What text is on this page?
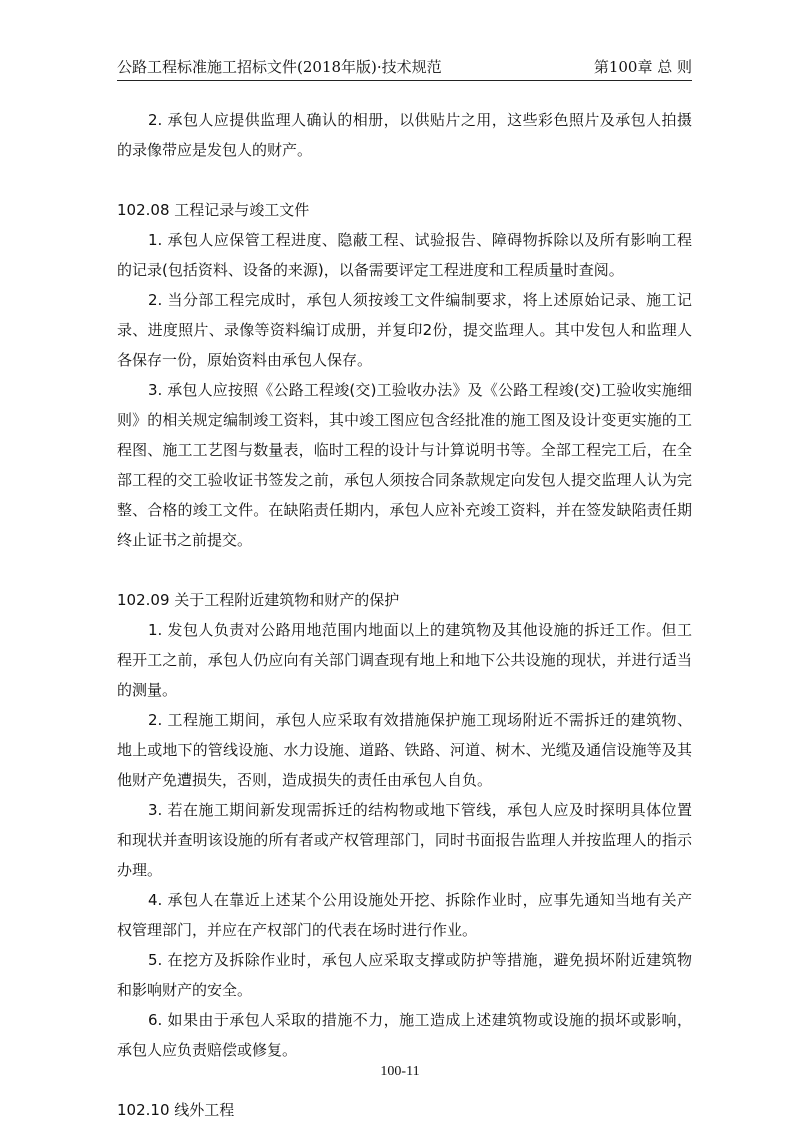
公路工程标准施工招标文件(2018年版)·技术规范	第100章 总 则

2. 承包人应提供监理人确认的相册，以供贴片之用，这些彩色照片及承包人拍摄的录像带应是发包人的财产。

102.08 工程记录与竣工文件

1. 承包人应保管工程进度、隐蔽工程、试验报告、障碍物拆除以及所有影响工程的记录(包括资料、设备的来源)，以备需要评定工程进度和工程质量时查阅。

2. 当分部工程完成时，承包人须按竣工文件编制要求，将上述原始记录、施工记录、进度照片、录像等资料编订成册，并复印2份，提交监理人。其中发包人和监理人各保存一份，原始资料由承包人保存。

3. 承包人应按照《公路工程竣(交)工验收办法》及《公路工程竣(交)工验收实施细则》的相关规定编制竣工资料，其中竣工图应包含经批准的施工图及设计变更实施的工程图、施工工艺图与数量表，临时工程的设计与计算说明书等。全部工程完工后，在全部工程的交工验收证书签发之前，承包人须按合同条款规定向发包人提交监理人认为完整、合格的竣工文件。在缺陷责任期内，承包人应补充竣工资料，并在签发缺陷责任期终止证书之前提交。

102.09 关于工程附近建筑物和财产的保护

1. 发包人负责对公路用地范围内地面以上的建筑物及其他设施的拆迁工作。但工程开工之前，承包人仍应向有关部门调查现有地上和地下公共设施的现状，并进行适当的测量。

2. 工程施工期间，承包人应采取有效措施保护施工现场附近不需拆迁的建筑物、地上或地下的管线设施、水力设施、道路、铁路、河道、树木、光缆及通信设施等及其他财产免遭损失，否则，造成损失的责任由承包人自负。

3. 若在施工期间新发现需拆迁的结构物或地下管线，承包人应及时探明具体位置和现状并查明该设施的所有者或产权管理部门，同时书面报告监理人并按监理人的指示办理。

4. 承包人在靠近上述某个公用设施处开挖、拆除作业时，应事先通知当地有关产权管理部门，并应在产权部门的代表在场时进行作业。

5. 在挖方及拆除作业时，承包人应采取支撑或防护等措施，避免损坏附近建筑物和影响财产的安全。

6. 如果由于承包人采取的措施不力，施工造成上述建筑物或设施的损坏或影响，承包人应负责赔偿或修复。

102.10 线外工程

100-11
